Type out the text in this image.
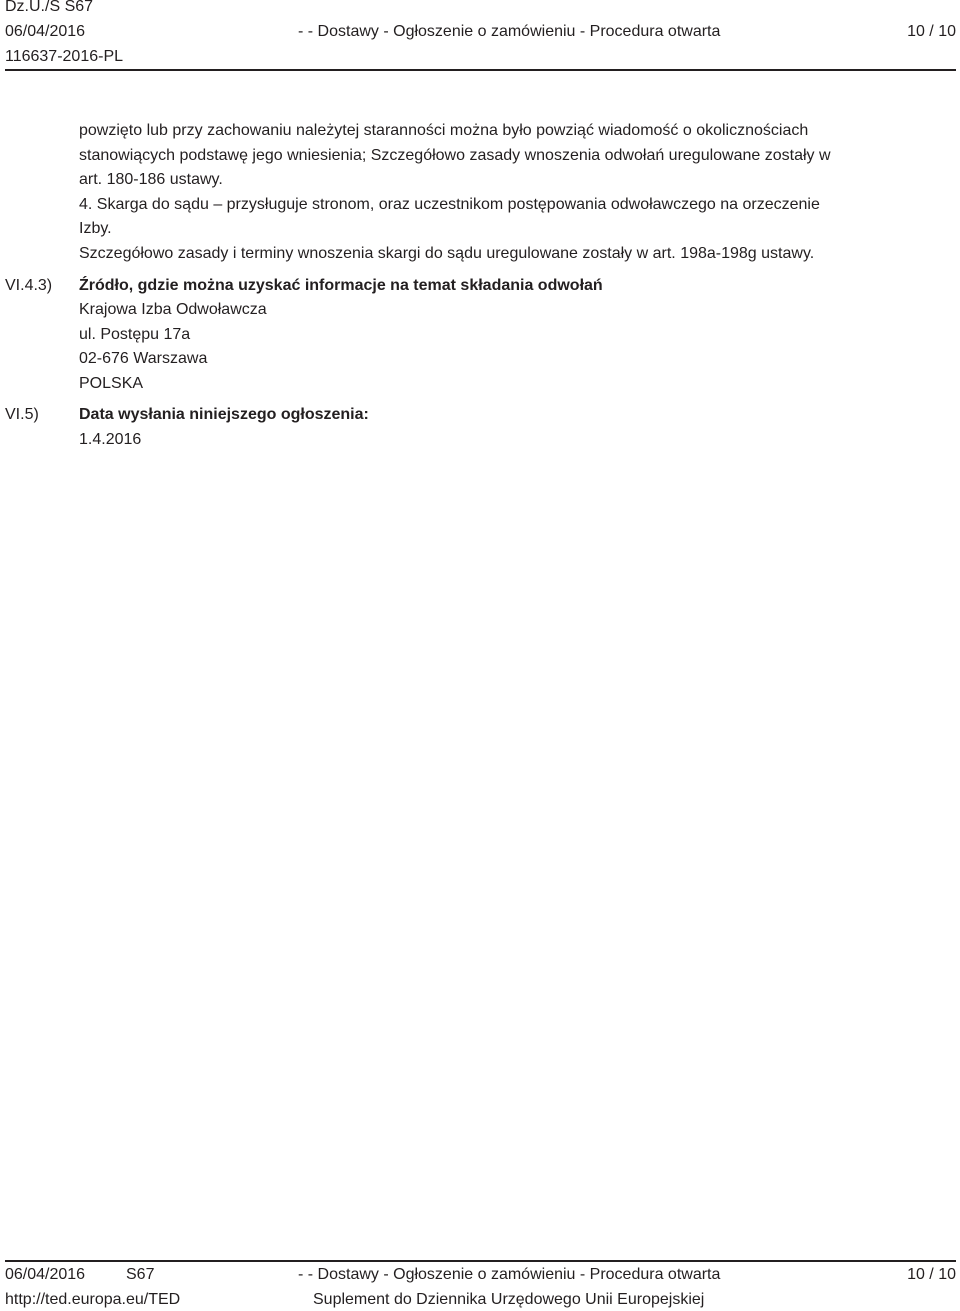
Dz.U./S S67
06/04/2016	- - Dostawy - Ogłoszenie o zamówieniu - Procedura otwarta	10 / 10
116637-2016-PL
powzięto lub przy zachowaniu należytej staranności można było powziąć wiadomość o okolicznościach
stanowiących podstawę jego wniesienia; Szczegółowo zasady wnoszenia odwołań uregulowane zostały w
art. 180-186 ustawy.
4. Skarga do sądu – przysługuje stronom, oraz uczestnikom postępowania odwoławczego na orzeczenie
Izby.
Szczegółowo zasady i terminy wnoszenia skargi do sądu uregulowane zostały w art. 198a-198g ustawy.
VI.4.3) Źródło, gdzie można uzyskać informacje na temat składania odwołań
Krajowa Izba Odwoławcza
ul. Postępu 17a
02-676 Warszawa
POLSKA
VI.5)	Data wysłania niniejszego ogłoszenia:
1.4.2016
06/04/2016	S67	- - Dostawy - Ogłoszenie o zamówieniu - Procedura otwarta	10 / 10
http://ted.europa.eu/TED	Suplement do Dziennika Urzędowego Unii Europejskiej
